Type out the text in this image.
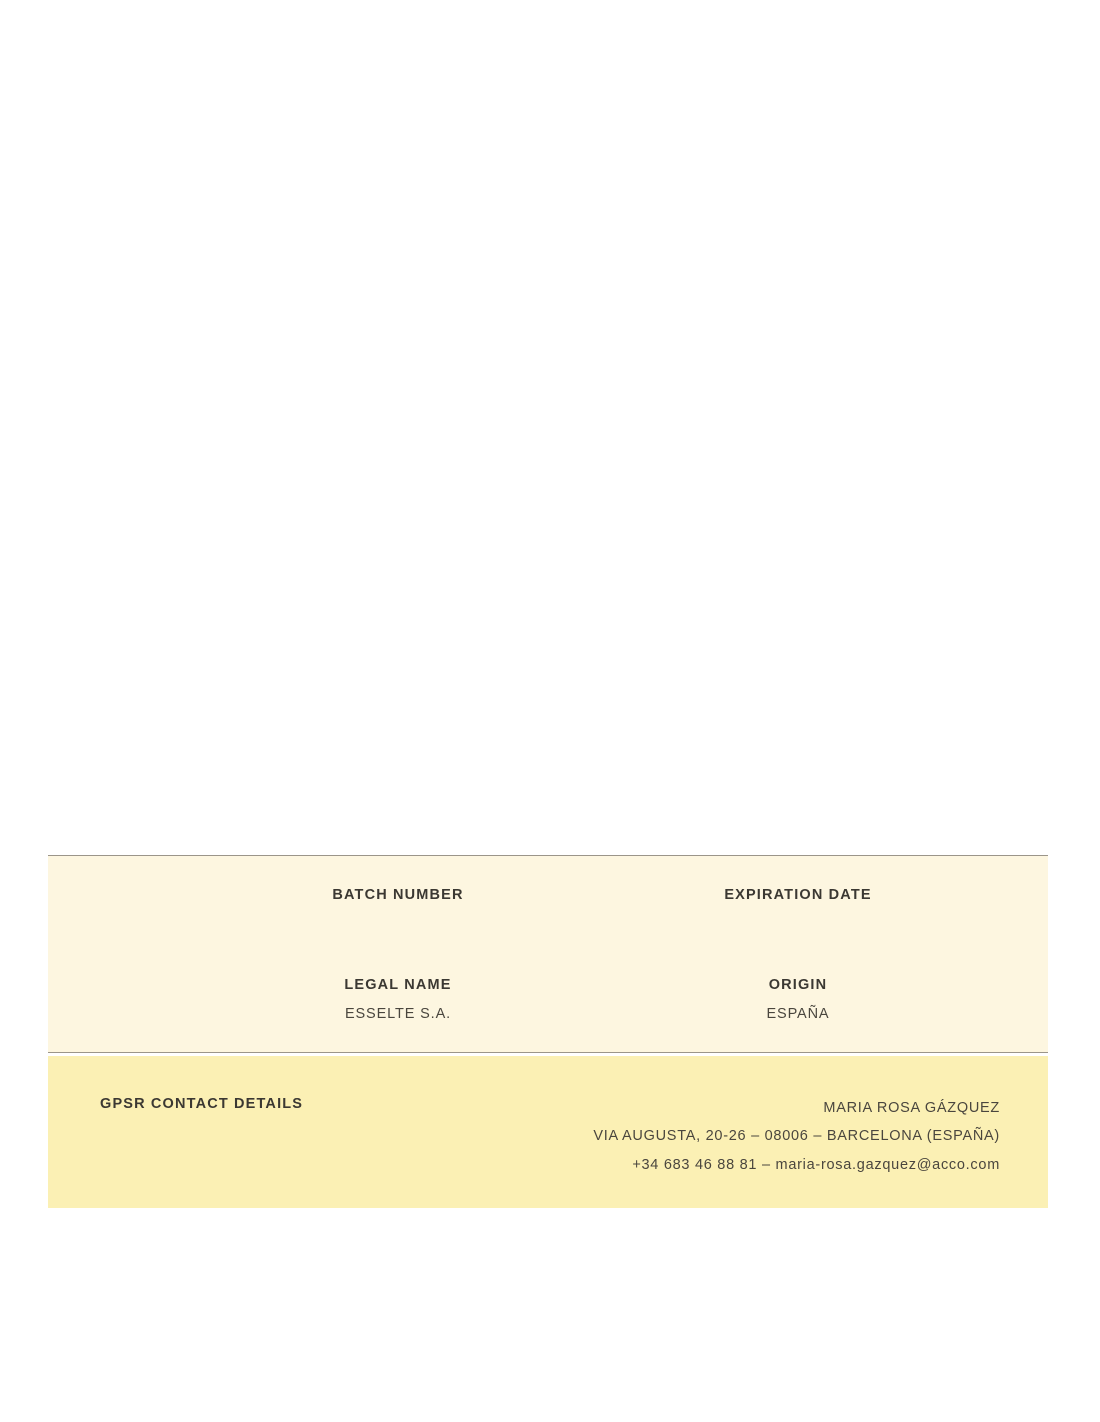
BATCH NUMBER	EXPIRATION DATE
LEGAL NAME
ESSELTE S.A.
ORIGIN
ESPAÑA
GPSR CONTACT DETAILS	MARIA ROSA GÁZQUEZ
VIA AUGUSTA, 20-26 – 08006 – BARCELONA (ESPAÑA)
+34 683 46 88 81 – maria-rosa.gazquez@acco.com
